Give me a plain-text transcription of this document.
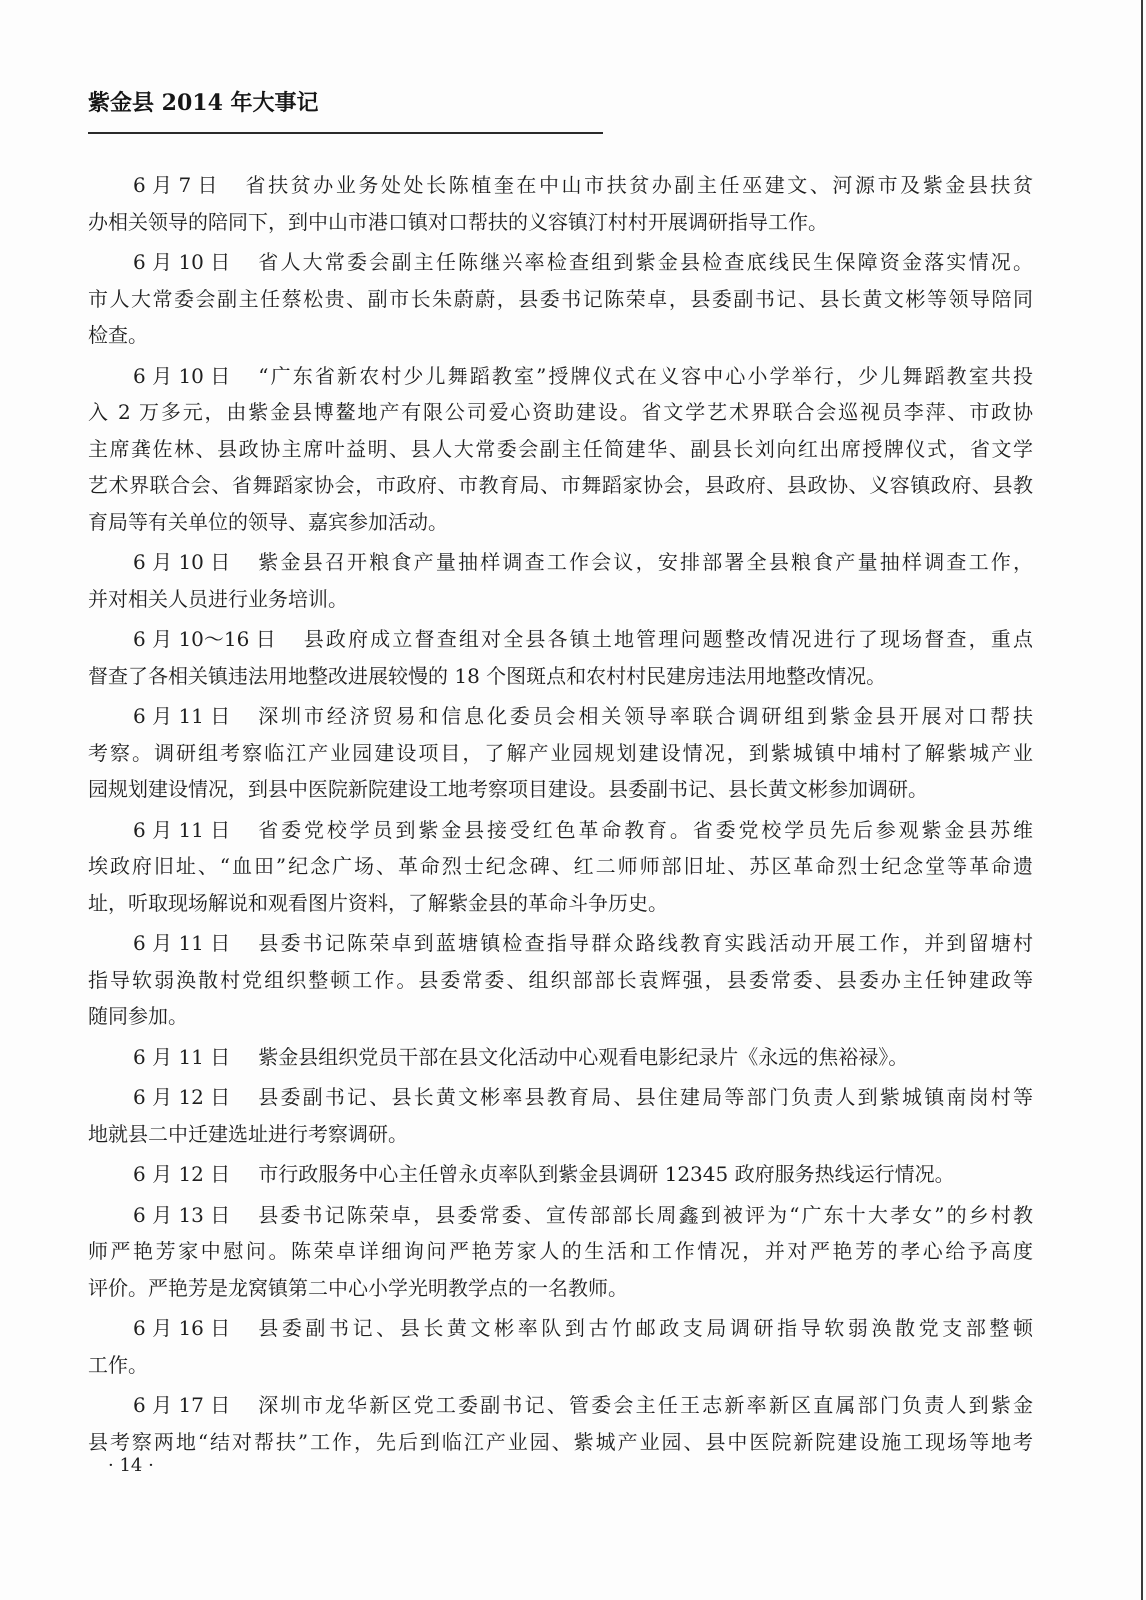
紫金县 2014 年大事记
6 月 7 日 省扶贫办业务处处长陈植奎在中山市扶贫办副主任巫建文、河源市及紫金县扶贫
办相关领导的陪同下，到中山市港口镇对口帮扶的义容镇汀村村开展调研指导工作。
6 月 10 日 省人大常委会副主任陈继兴率检查组到紫金县检查底线民生保障资金落实情况。
市人大常委会副主任蔡松贵、副市长朱蔚蔚，县委书记陈荣卓，县委副书记、县长黄文彬等领导陪同
检查。
6 月 10 日 “广东省新农村少儿舞蹈教室”授牌仪式在义容中心小学举行，少儿舞蹈教室共投
入 2 万多元，由紫金县博鳌地产有限公司爱心资助建设。省文学艺术界联合会巡视员李萍、市政协
主席龚佐林、县政协主席叶益明、县人大常委会副主任简建华、副县长刘向红出席授牌仪式，省文学
艺术界联合会、省舞蹈家协会，市政府、市教育局、市舞蹈家协会，县政府、县政协、义容镇政府、县教
育局等有关单位的领导、嘉宾参加活动。
6 月 10 日 紫金县召开粮食产量抽样调查工作会议，安排部署全县粮食产量抽样调查工作，
并对相关人员进行业务培训。
6 月 10～16 日 县政府成立督查组对全县各镇土地管理问题整改情况进行了现场督查，重点
督查了各相关镇违法用地整改进展较慢的 18 个图斑点和农村村民建房违法用地整改情况。
6 月 11 日 深圳市经济贸易和信息化委员会相关领导率联合调研组到紫金县开展对口帮扶
考察。调研组考察临江产业园建设项目，了解产业园规划建设情况，到紫城镇中埔村了解紫城产业
园规划建设情况，到县中医院新院建设工地考察项目建设。县委副书记、县长黄文彬参加调研。
6 月 11 日 省委党校学员到紫金县接受红色革命教育。省委党校学员先后参观紫金县苏维
埃政府旧址、“血田”纪念广场、革命烈士纪念碑、红二师师部旧址、苏区革命烈士纪念堂等革命遗
址，听取现场解说和观看图片资料，了解紫金县的革命斗争历史。
6 月 11 日 县委书记陈荣卓到蓝塘镇检查指导群众路线教育实践活动开展工作，并到留塘村
指导软弱涣散村党组织整顿工作。县委常委、组织部部长袁辉强，县委常委、县委办主任钟建政等
随同参加。
6 月 11 日 紫金县组织党员干部在县文化活动中心观看电影纪录片《永远的焦裕禄》。
6 月 12 日 县委副书记、县长黄文彬率县教育局、县住建局等部门负责人到紫城镇南岗村等
地就县二中迁建选址进行考察调研。
6 月 12 日 市行政服务中心主任曾永贞率队到紫金县调研 12345 政府服务热线运行情况。
6 月 13 日 县委书记陈荣卓，县委常委、宣传部部长周鑫到被评为“广东十大孝女”的乡村教
师严艳芳家中慰问。陈荣卓详细询问严艳芳家人的生活和工作情况，并对严艳芳的孝心给予高度
评价。严艳芳是龙窝镇第二中心小学光明教学点的一名教师。
6 月 16 日 县委副书记、县长黄文彬率队到古竹邮政支局调研指导软弱涣散党支部整顿
工作。
6 月 17 日 深圳市龙华新区党工委副书记、管委会主任王志新率新区直属部门负责人到紫金
县考察两地“结对帮扶”工作，先后到临江产业园、紫城产业园、县中医院新院建设施工现场等地考
· 14 ·
